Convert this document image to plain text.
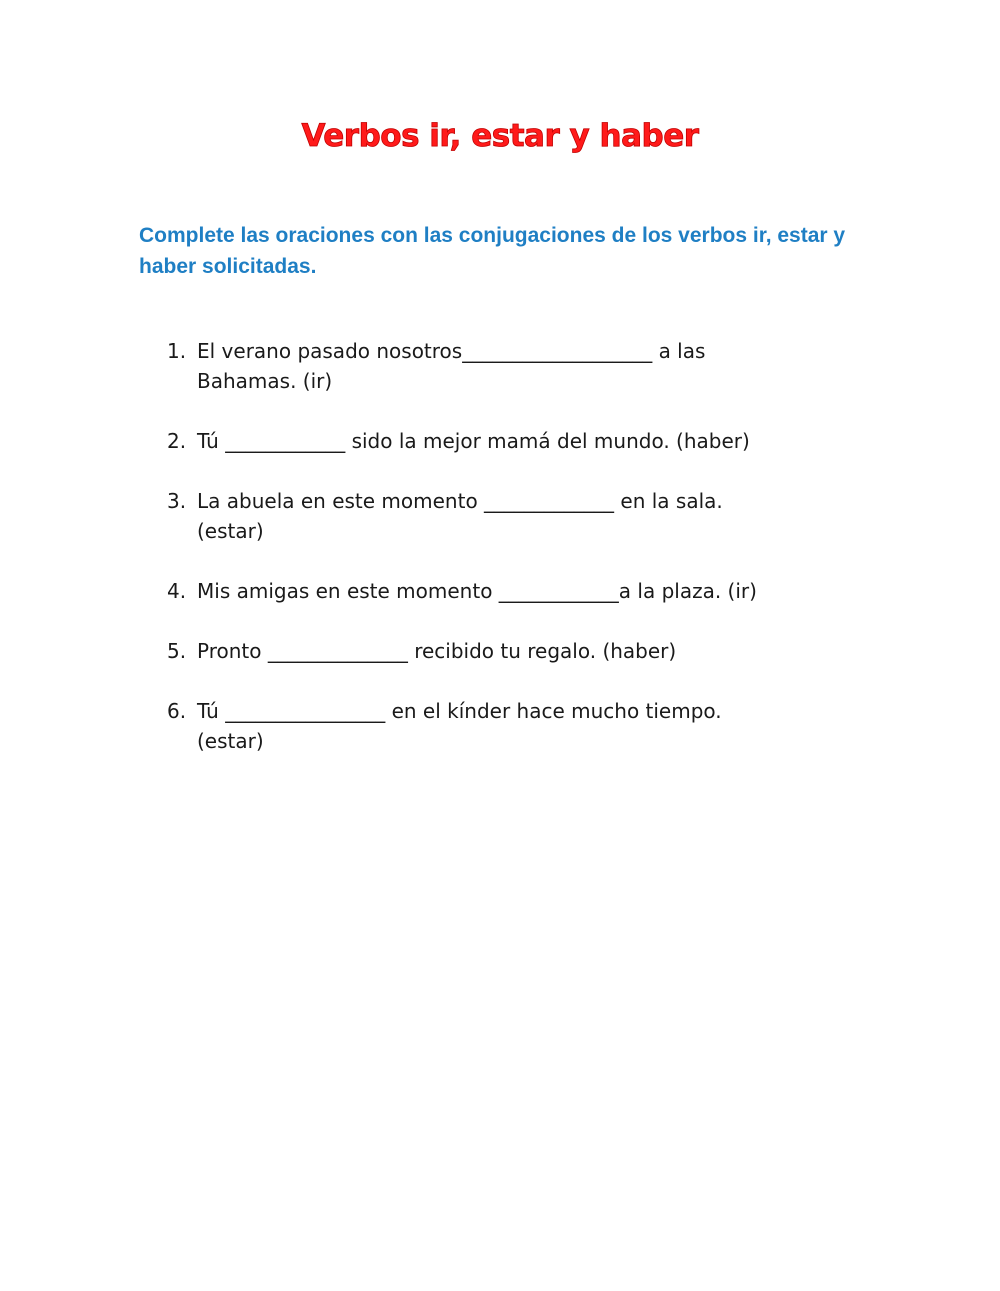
Verbos ir, estar y haber

Complete las oraciones con las conjugaciones de los verbos ir, estar y haber solicitadas.

1. El verano pasado nosotros___________________ a las
Bahamas. (ir)
2. Tú ____________ sido la mejor mamá del mundo. (haber)
3. La abuela en este momento _____________ en la sala.
(estar)
4. Mis amigas en este momento ____________a la plaza. (ir)
5. Pronto ______________ recibido tu regalo. (haber)
6. Tú ________________ en el kínder hace mucho tiempo.
(estar)
